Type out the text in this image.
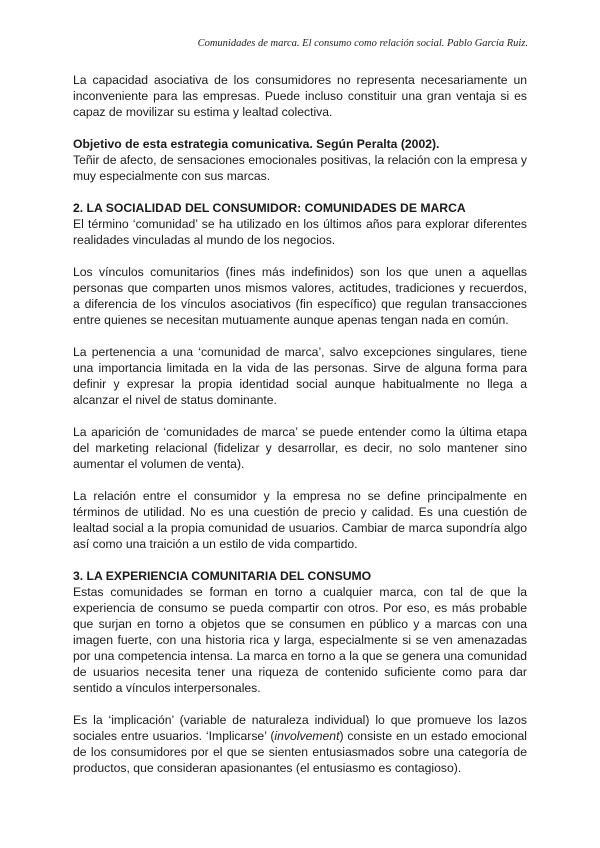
Comunidades de marca. El consumo como relación social. Pablo García Ruiz.

La capacidad asociativa de los consumidores no representa necesariamente un inconveniente para las empresas. Puede incluso constituir una gran ventaja si es capaz de movilizar su estima y lealtad colectiva.

Objetivo de esta estrategia comunicativa. Según Peralta (2002).

Teñir de afecto, de sensaciones emocionales positivas, la relación con la empresa y muy especialmente con sus marcas.

2. LA SOCIALIDAD DEL CONSUMIDOR: COMUNIDADES DE MARCA

El término ‘comunidad’ se ha utilizado en los últimos años para explorar diferentes realidades vinculadas al mundo de los negocios.

Los vínculos comunitarios (fines más indefinidos) son los que unen a aquellas personas que comparten unos mismos valores, actitudes, tradiciones y recuerdos, a diferencia de los vínculos asociativos (fin específico) que regulan transacciones entre quienes se necesitan mutuamente aunque apenas tengan nada en común.

La pertenencia a una ‘comunidad de marca’, salvo excepciones singulares, tiene una importancia limitada en la vida de las personas. Sirve de alguna forma para definir y expresar la propia identidad social aunque habitualmente no llega a alcanzar el nivel de status dominante.

La aparición de ‘comunidades de marca’ se puede entender como la última etapa del marketing relacional (fidelizar y desarrollar, es decir, no solo mantener sino aumentar el volumen de venta).

La relación entre el consumidor y la empresa no se define principalmente en términos de utilidad. No es una cuestión de precio y calidad. Es una cuestión de lealtad social a la propia comunidad de usuarios. Cambiar de marca supondría algo así como una traición a un estilo de vida compartido.

3. LA EXPERIENCIA COMUNITARIA DEL CONSUMO

Estas comunidades se forman en torno a cualquier marca, con tal de que la experiencia de consumo se pueda compartir con otros. Por eso, es más probable que surjan en torno a objetos que se consumen en público y a marcas con una imagen fuerte, con una historia rica y larga, especialmente si se ven amenazadas por una competencia intensa. La marca en torno a la que se genera una comunidad de usuarios necesita tener una riqueza de contenido suficiente como para dar sentido a vínculos interpersonales.

Es la ‘implicación’ (variable de naturaleza individual) lo que promueve los lazos sociales entre usuarios. ‘Implicarse’ (involvement) consiste en un estado emocional de los consumidores por el que se sienten entusiasmados sobre una categoría de productos, que consideran apasionantes (el entusiasmo es contagioso).
